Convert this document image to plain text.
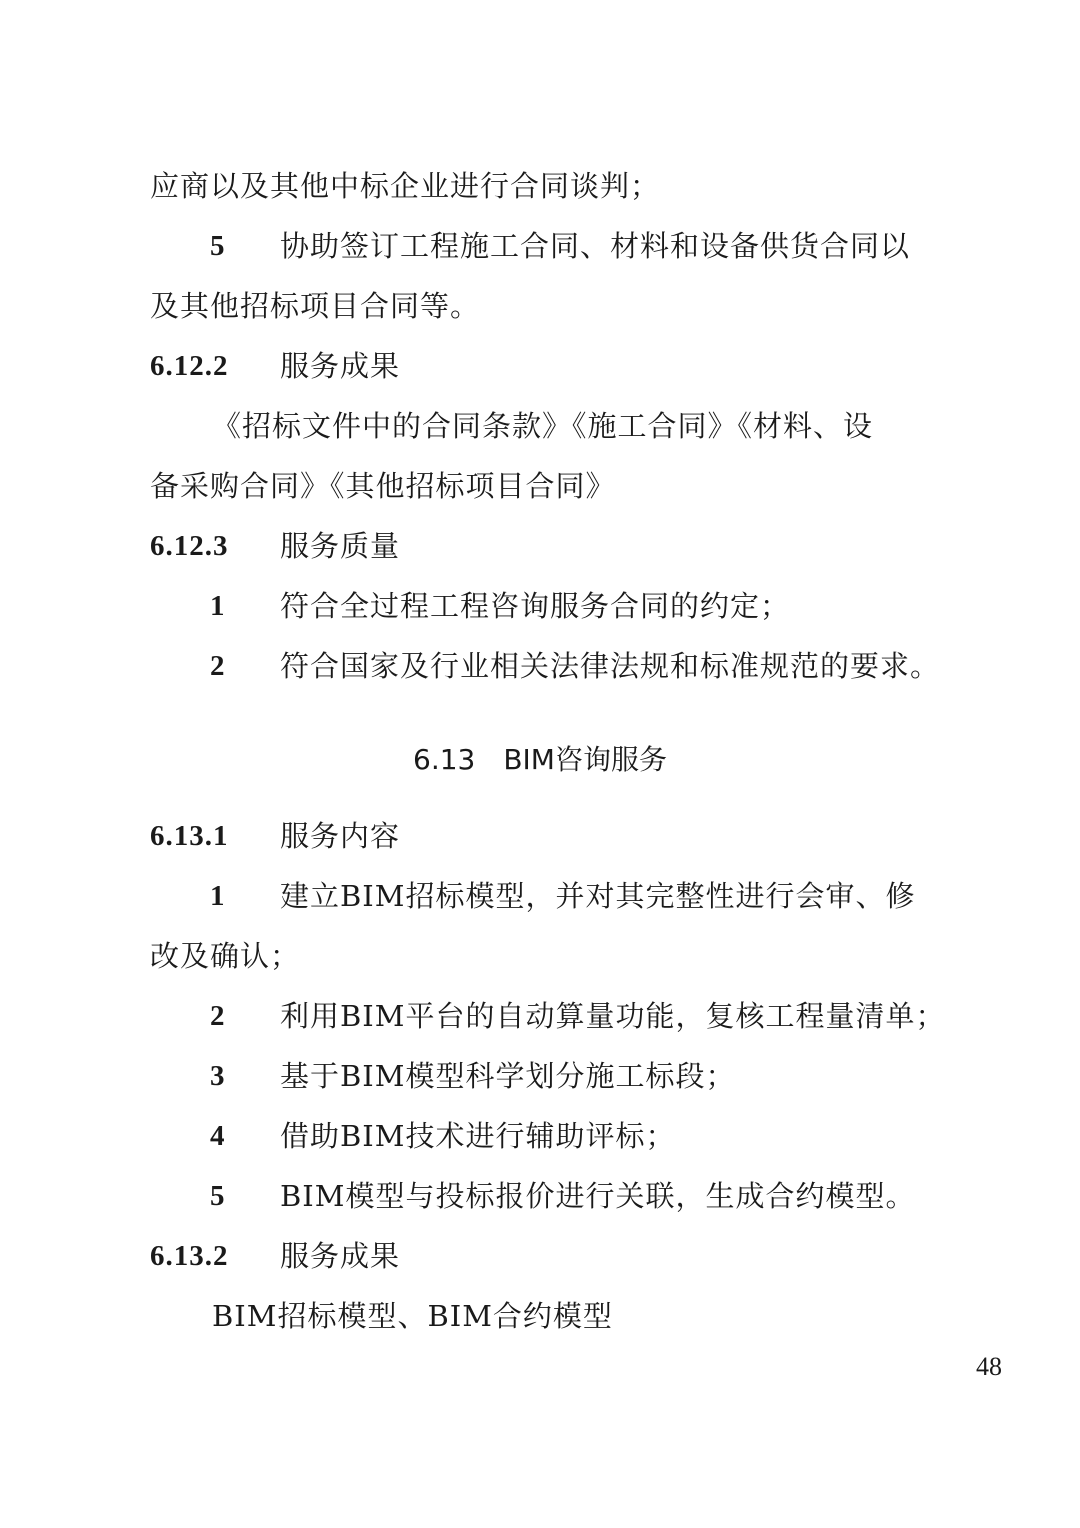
应商以及其他中标企业进行合同谈判；
5 协助签订工程施工合同、材料和设备供货合同以
及其他招标项目合同等。
6.12.2 服务成果
《招标文件中的合同条款》《施工合同》《材料、设
备采购合同》《其他招标项目合同》
6.12.3 服务质量
1 符合全过程工程咨询服务合同的约定；
2 符合国家及行业相关法律法规和标准规范的要求。
6.13　BIM咨询服务
6.13.1 服务内容
1 建立BIM招标模型，并对其完整性进行会审、修
改及确认；
2 利用BIM平台的自动算量功能，复核工程量清单；
3 基于BIM模型科学划分施工标段；
4 借助BIM技术进行辅助评标；
5 BIM模型与投标报价进行关联，生成合约模型。
6.13.2 服务成果
BIM招标模型、BIM合约模型
48
